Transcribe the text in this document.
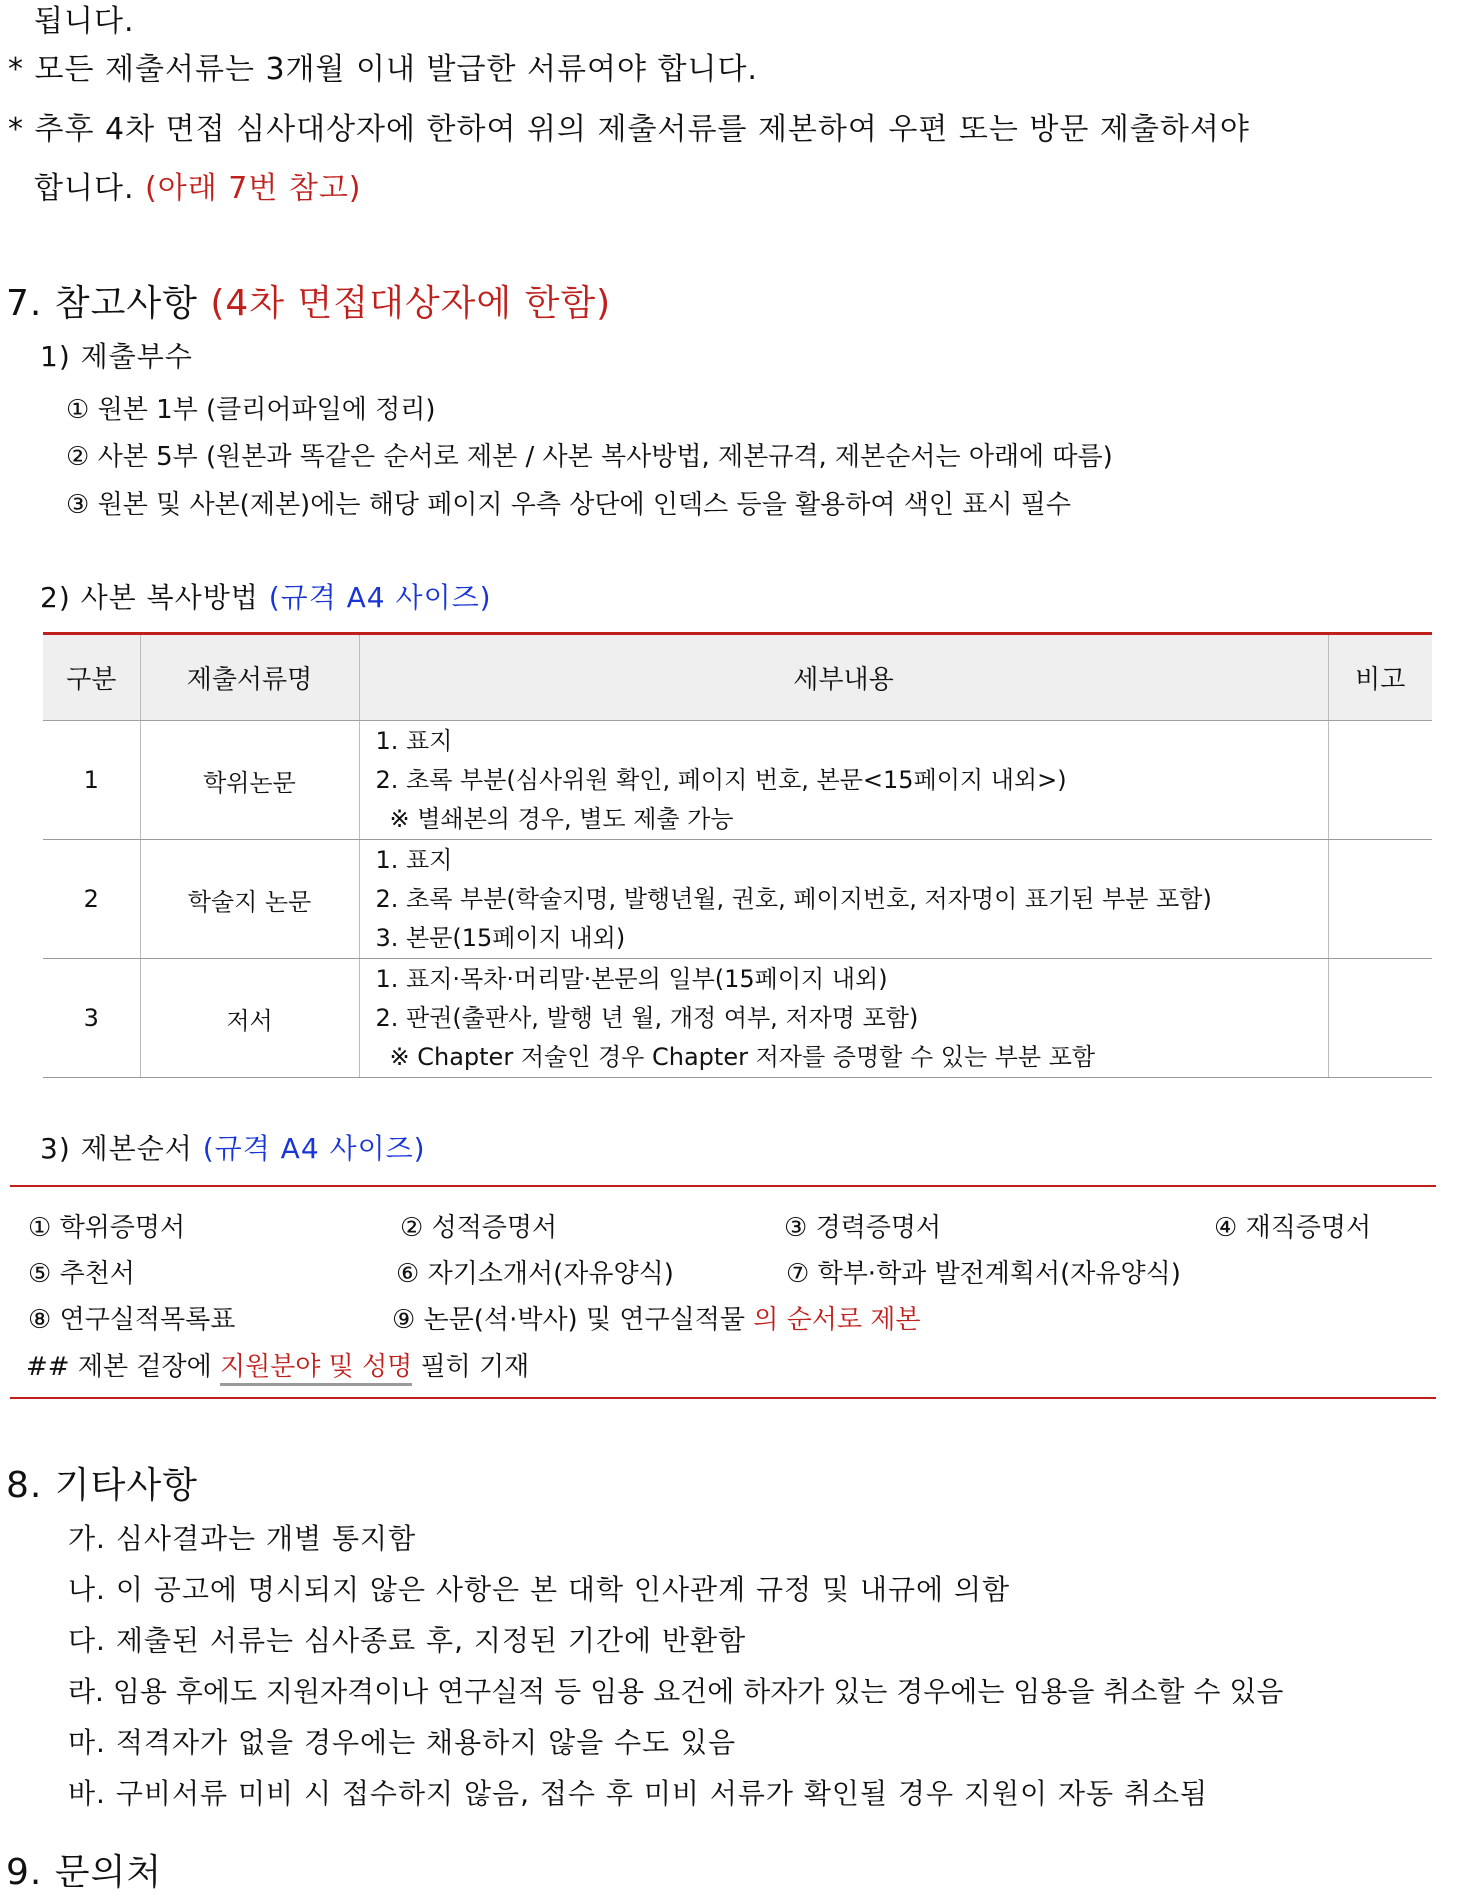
됩니다.
* 모든 제출서류는 3개월 이내 발급한 서류여야 합니다.
* 추후 4차 면접 심사대상자에 한하여 위의 제출서류를 제본하여 우편 또는 방문 제출하셔야
합니다. (아래 7번 참고)
7. 참고사항 (4차 면접대상자에 한함)
1) 제출부수
① 원본 1부 (클리어파일에 정리)
② 사본 5부 (원본과 똑같은 순서로 제본 / 사본 복사방법, 제본규격, 제본순서는 아래에 따름)
③ 원본 및 사본(제본)에는 해당 페이지 우측 상단에 인덱스 등을 활용하여 색인 표시 필수
2) 사본 복사방법 (규격 A4 사이즈)
구분	제출서류명	세부내용	비고
1	학위논문	1. 표지
2. 초록 부분(심사위원 확인, 페이지 번호, 본문<15페이지 내외>)
※ 별쇄본의 경우, 별도 제출 가능	

2	학술지 논문	1. 표지
2. 초록 부분(학술지명, 발행년월, 권호, 페이지번호, 저자명이 표기된 부분 포함)
3. 본문(15페이지 내외)	

3	저서	1. 표지·목차·머리말·본문의 일부(15페이지 내외)
2. 판권(출판사, 발행 년 월, 개정 여부, 저자명 포함)
※ Chapter 저술인 경우 Chapter 저자를 증명할 수 있는 부분 포함	

3) 제본순서 (규격 A4 사이즈)
① 학위증명서	② 성적증명서	③ 경력증명서	④ 재직증명서
⑤ 추천서	⑥ 자기소개서(자유양식)	⑦ 학부·학과 발전계획서(자유양식)
⑧ 연구실적목록표	⑨ 논문(석·박사) 및 연구실적물 의 순서로 제본
## 제본 겉장에 지원분야 및 성명 필히 기재
8. 기타사항
가. 심사결과는 개별 통지함
나. 이 공고에 명시되지 않은 사항은 본 대학 인사관계 규정 및 내규에 의함
다. 제출된 서류는 심사종료 후, 지정된 기간에 반환함
라. 임용 후에도 지원자격이나 연구실적 등 임용 요건에 하자가 있는 경우에는 임용을 취소할 수 있음
마. 적격자가 없을 경우에는 채용하지 않을 수도 있음
바. 구비서류 미비 시 접수하지 않음, 접수 후 미비 서류가 확인될 경우 지원이 자동 취소됨
9. 문의처
